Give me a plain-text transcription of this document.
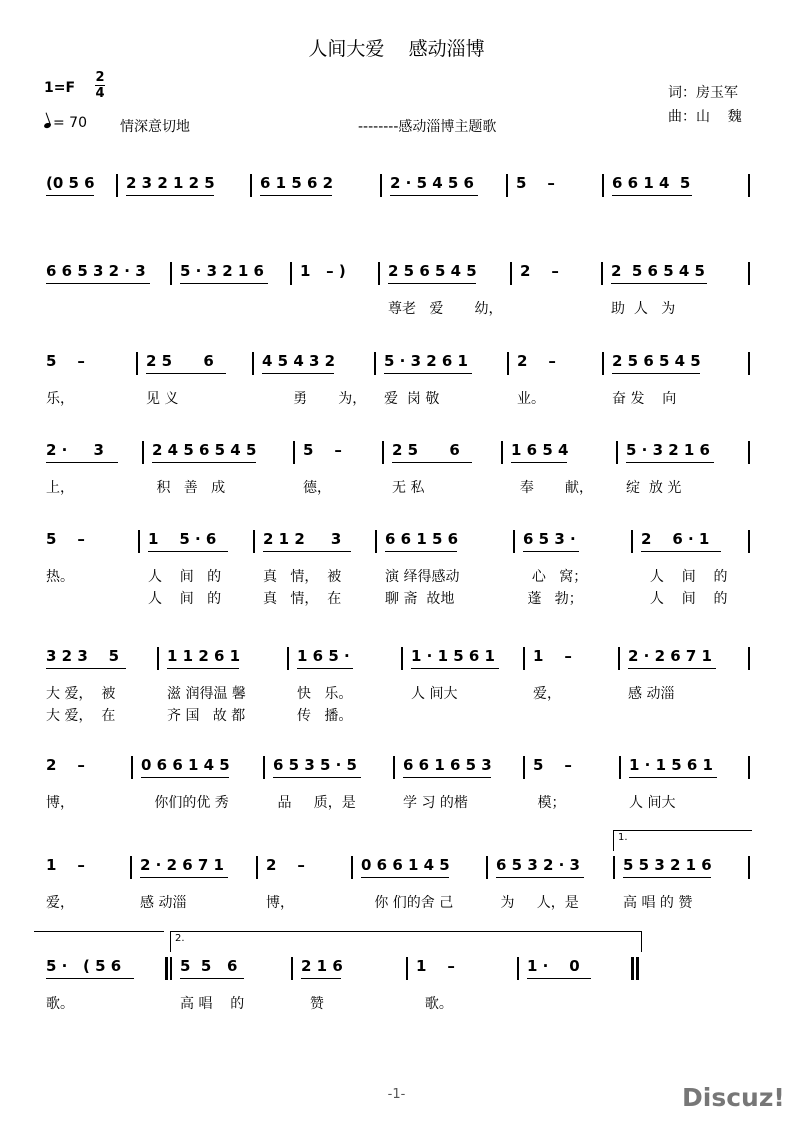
人间大爱    感动淄博
1=F
2
4
= 70 情深意切地	--------感动淄博主题歌
词：房玉军
曲：山    魏
(0 5 6 2 3 2 1 2 5	6 1 5 6 2	2 · 5 4 5 6	5    –	6 6 1 4  5
6 6 5 3 2 · 3 5 · 3 2 1 6 1   – )	2 5 6 5 4 5
尊老   爱       幼，
2    –	2  5 6 5 4 5
助  人   为
5    –
乐，
2 5      6
见 义
4 5 4 3 2
勇       为，
5 · 3 2 6 1
爱  岗 敬
2    –
业。
2 5 6 5 4 5
奋 发    向
2 ·     3
上，
2 4 5 6 5 4 5
积   善   成
5    –
德，
2 5      6
无 私
1 6 5 4
奉       献，
5 · 3 2 1 6
绽  放 光
5    –
热。
1    5 · 6
人    间   的
人    间   的
2 1 2     3
真   情，  被
真   情，  在
6 6 1 5 6
演 绎得感动
聊 斋  故地
6 5 3 ·
心   窝；
蓬   勃；
2    6 · 1
人    间    的
人    间    的
3 2 3    5
大 爱，  被
大 爱，  在
1 1 2 6 1
滋 润得温 馨
齐 国   故 都
1 6 5 ·
快   乐。
传   播。
1 · 1 5 6 1
人 间大
1    –
爱，
2 · 2 6 7 1
感 动淄
2    –
博，
0 6 6 1 4 5
你们的优 秀
6 5 3 5 · 5
品     质，是
6 6 1 6 5 3
学 习 的楷
5    –
模；
1 · 1 5 6 1
人 间大
1    –
爱，
2 · 2 6 7 1
感 动淄
2    –
博，
0 6 6 1 4 5
你 们的舍 己
6 5 3 2 · 3
为     人，是
5 5 3 2 1 6
高 唱 的 赞
1.
5 ·   ( 5 6
歌。
5  5   6
高 唱    的
2 1 6
赞
1    –
歌。
1 ·    0
2.
-1-	Discuz!
